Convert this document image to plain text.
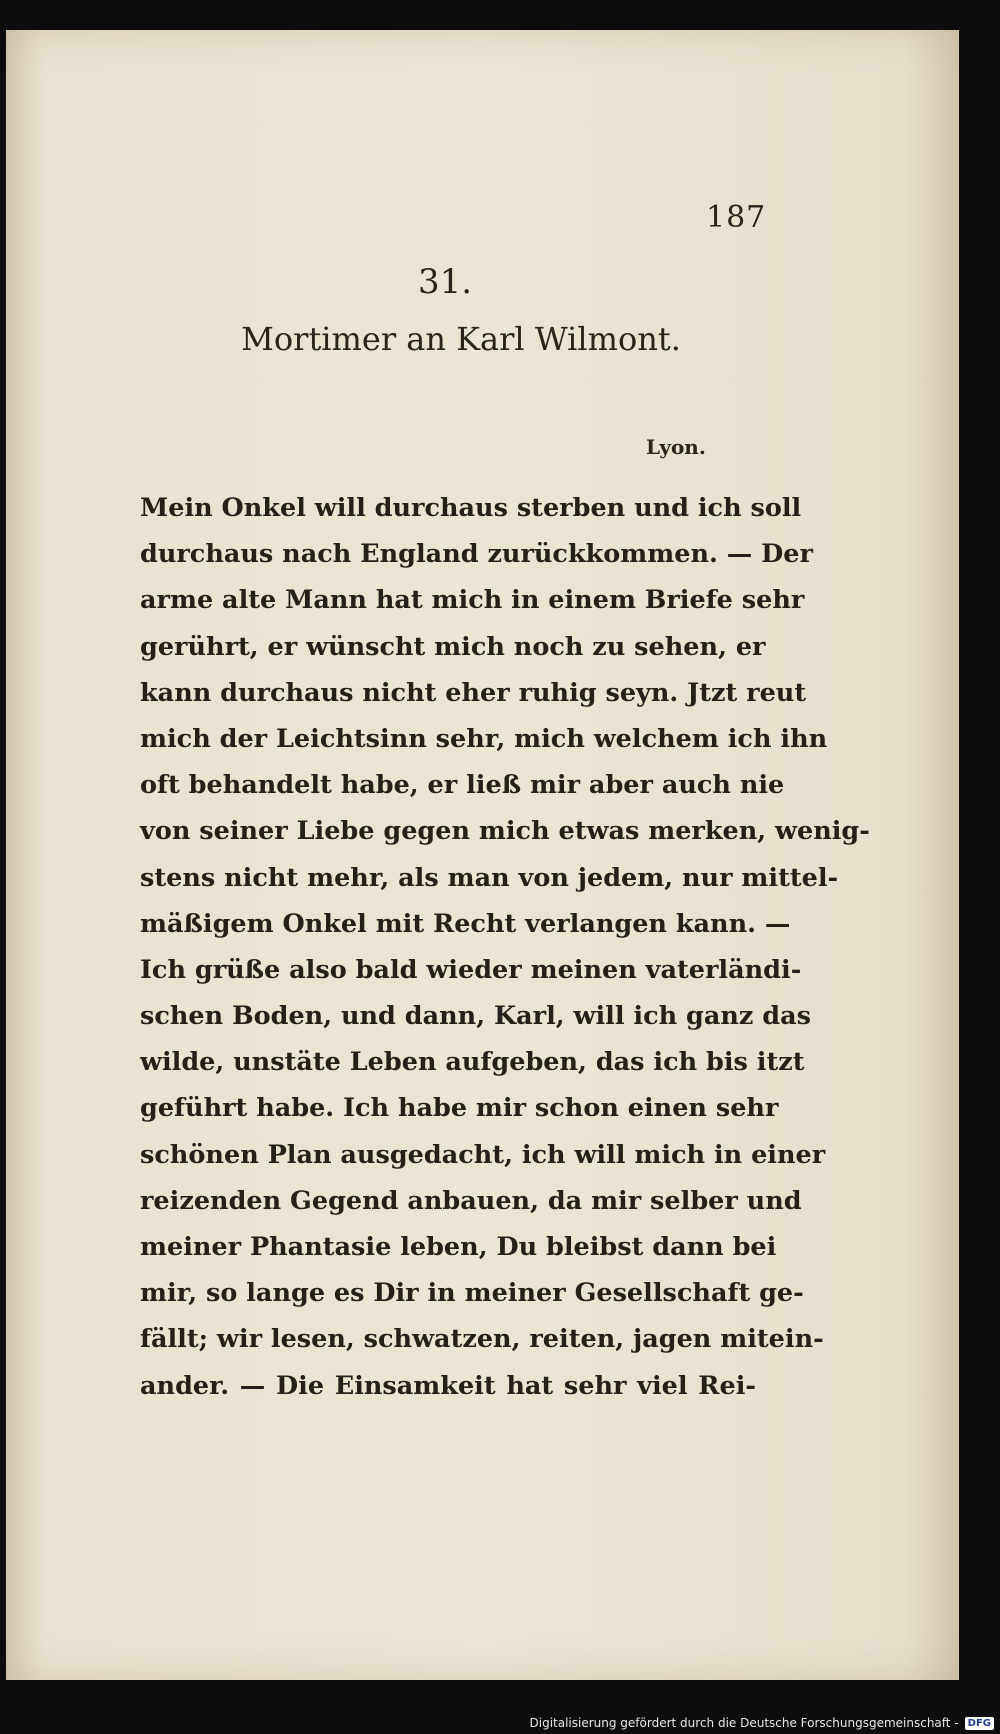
187
31.
Mortimer an Karl Wilmont.
Lyon.
Mein Onkel will durchaus sterben und ich soll
durchaus nach England zurückkommen. — Der
arme alte Mann hat mich in einem Briefe sehr
gerührt, er wünscht mich noch zu sehen, er
kann durchaus nicht eher ruhig seyn. Jtzt reut
mich der Leichtsinn sehr, mich welchem ich ihn
oft behandelt habe, er ließ mir aber auch nie
von seiner Liebe gegen mich etwas merken, wenig-
stens nicht mehr, als man von jedem, nur mittel-
mäßigem Onkel mit Recht verlangen kann. —
Ich grüße also bald wieder meinen vaterländi-
schen Boden, und dann, Karl, will ich ganz das
wilde, unstäte Leben aufgeben, das ich bis itzt
geführt habe. Ich habe mir schon einen sehr
schönen Plan ausgedacht, ich will mich in einer
reizenden Gegend anbauen, da mir selber und
meiner Phantasie leben, Du bleibst dann bei
mir, so lange es Dir in meiner Gesellschaft ge-
fällt; wir lesen, schwatzen, reiten, jagen mitein-
ander. — Die Einsamkeit hat sehr viel Rei-
Digitalisierung gefördert durch die Deutsche Forschungsgemeinschaft - DFG
